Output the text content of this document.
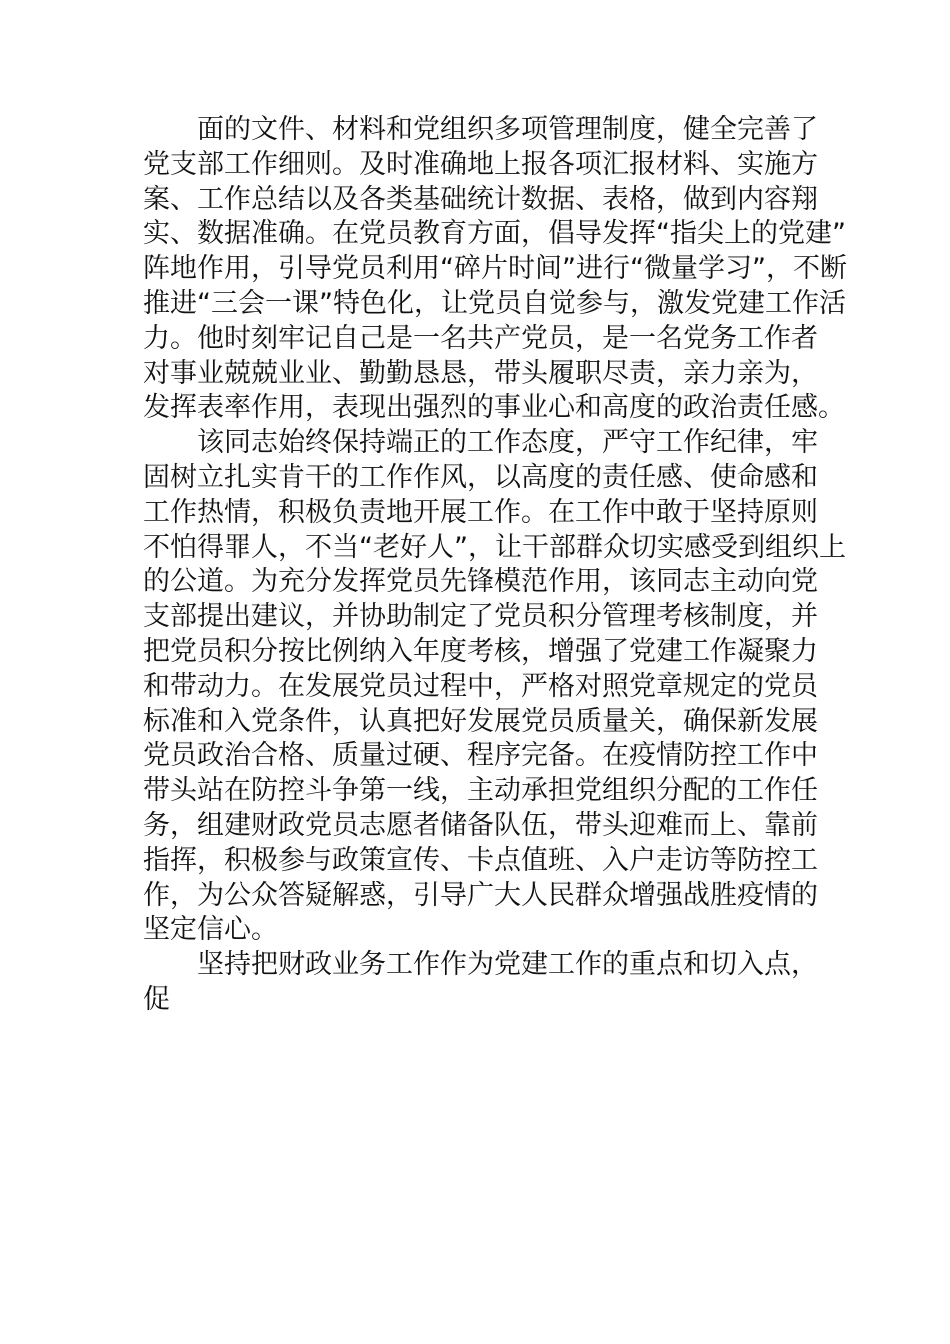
面的文件、材料和党组织多项管理制度，健全完善了
党支部工作细则。及时准确地上报各项汇报材料、实施方
案、工作总结以及各类基础统计数据、表格，做到内容翔
实、数据准确。在党员教育方面，倡导发挥“指尖上的党建”
阵地作用，引导党员利用“碎片时间”进行“微量学习”，不断
推进“三会一课”特色化，让党员自觉参与，激发党建工作活
力。他时刻牢记自己是一名共产党员，是一名党务工作者
对事业兢兢业业、勤勤恳恳，带头履职尽责，亲力亲为，
发挥表率作用，表现出强烈的事业心和高度的政治责任感。
该同志始终保持端正的工作态度，严守工作纪律，牢
固树立扎实肯干的工作作风，以高度的责任感、使命感和
工作热情，积极负责地开展工作。在工作中敢于坚持原则
不怕得罪人，不当“老好人”，让干部群众切实感受到组织上
的公道。为充分发挥党员先锋模范作用，该同志主动向党
支部提出建议，并协助制定了党员积分管理考核制度，并
把党员积分按比例纳入年度考核，增强了党建工作凝聚力
和带动力。在发展党员过程中，严格对照党章规定的党员
标准和入党条件，认真把好发展党员质量关，确保新发展
党员政治合格、质量过硬、程序完备。在疫情防控工作中
带头站在防控斗争第一线，主动承担党组织分配的工作任
务，组建财政党员志愿者储备队伍，带头迎难而上、靠前
指挥，积极参与政策宣传、卡点值班、入户走访等防控工
作，为公众答疑解惑，引导广大人民群众增强战胜疫情的
坚定信心。
坚持把财政业务工作作为党建工作的重点和切入点，
促
